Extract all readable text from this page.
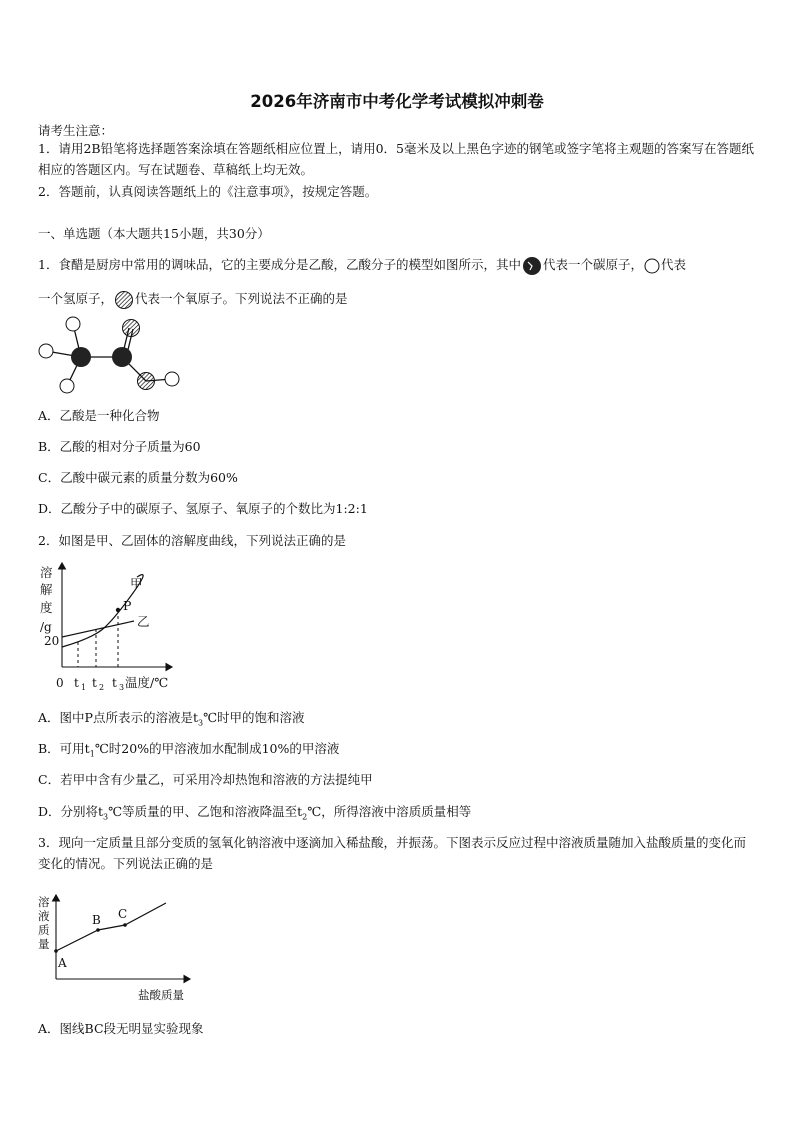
2026年济南市中考化学考试模拟冲刺卷
请考生注意：
1．请用2B铅笔将选择题答案涂填在答题纸相应位置上，请用0．5毫米及以上黑色字迹的钢笔或签字笔将主观题的答案写在答题纸相应的答题区内。写在试题卷、草稿纸上均无效。
2．答题前，认真阅读答题纸上的《注意事项》，按规定答题。
一、单选题（本大题共15小题，共30分）
1．食醋是厨房中常用的调味品，它的主要成分是乙酸，乙酸分子的模型如图所示，其中 代表一个碳原子， 代表
一个氢原子， 代表一个氧原子。下列说法不正确的是
A．乙酸是一种化合物
B．乙酸的相对分子质量为60
C．乙酸中碳元素的质量分数为60%
D．乙酸分子中的碳原子、氢原子、氧原子的个数比为1:2:1
2．如图是甲、乙固体的溶解度曲线，下列说法正确的是
溶
解
度
/g
20
甲
乙
P
0 t 1 t 2 t 3 温度/℃
A．图中P点所表示的溶液是$t_3℃$时甲的饱和溶液
B．可用$t_1℃$时20%的甲溶液加水配制成10%的甲溶液
C．若甲中含有少量乙，可采用冷却热饱和溶液的方法提纯甲
D．分别将$t_3℃$等质量的甲、乙饱和溶液降温至$t_2℃$，所得溶液中溶质质量相等
3．现向一定质量且部分变质的氢氧化钠溶液中逐滴加入稀盐酸，并振荡。下图表示反应过程中溶液质量随加入盐酸质量的变化而变化的情况。下列说法正确的是
溶
液
质
量
A
B C
盐酸质量
A．图线BC段无明显实验现象
